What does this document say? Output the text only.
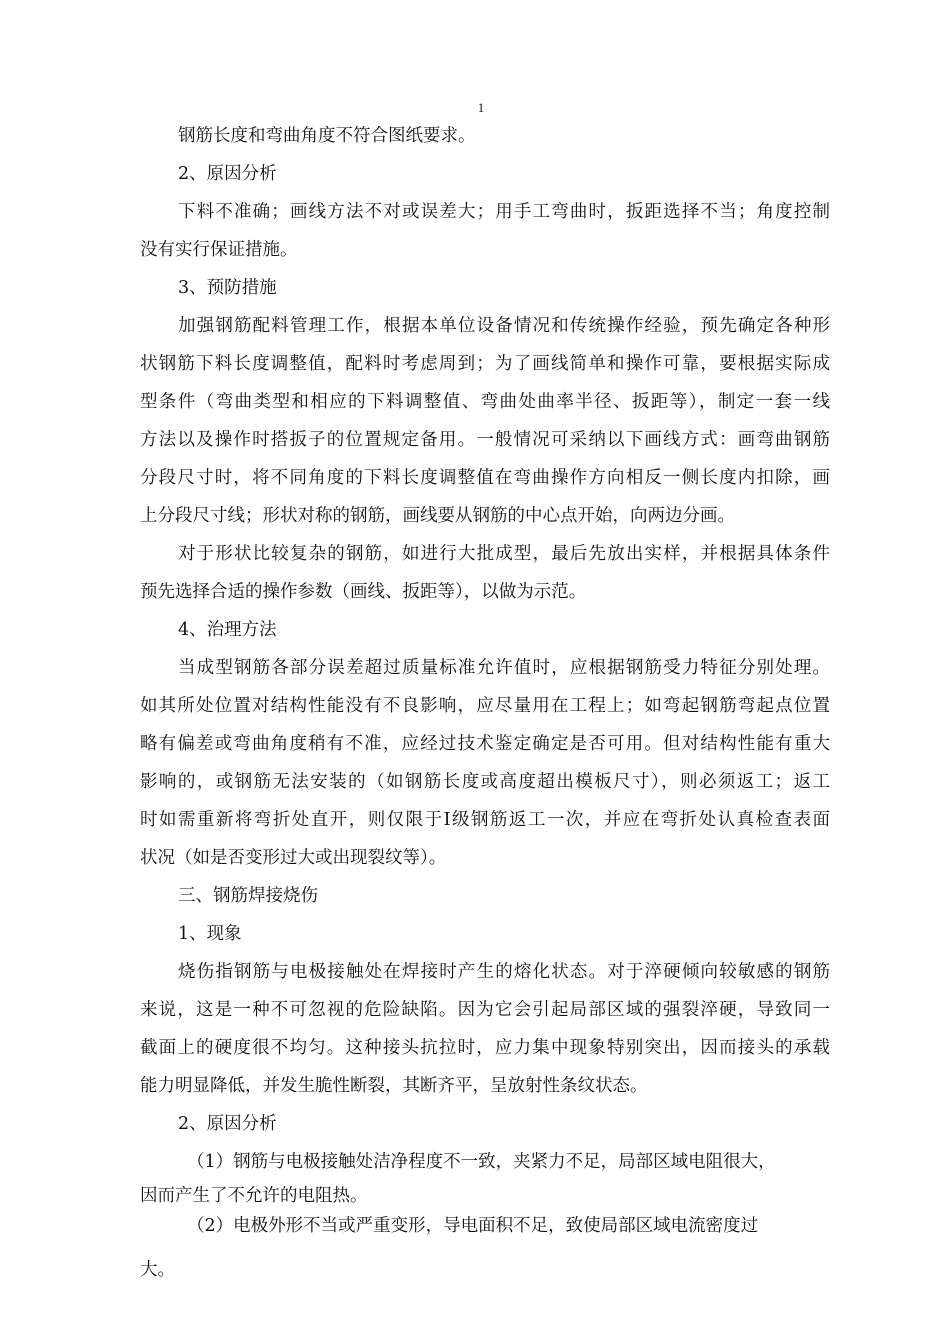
1
钢筋长度和弯曲角度不符合图纸要求。
2、原因分析
下料不准确；画线方法不对或误差大；用手工弯曲时，扳距选择不当；角度控制
没有实行保证措施。
3、预防措施
加强钢筋配料管理工作，根据本单位设备情况和传统操作经验，预先确定各种形
状钢筋下料长度调整值，配料时考虑周到；为了画线简单和操作可靠，要根据实际成
型条件（弯曲类型和相应的下料调整值、弯曲处曲率半径、扳距等），制定一套一线
方法以及操作时搭扳子的位置规定备用。一般情况可采纳以下画线方式：画弯曲钢筋
分段尺寸时，将不同角度的下料长度调整值在弯曲操作方向相反一侧长度内扣除，画
上分段尺寸线；形状对称的钢筋，画线要从钢筋的中心点开始，向两边分画。
对于形状比较复杂的钢筋，如进行大批成型，最后先放出实样，并根据具体条件
预先选择合适的操作参数（画线、扳距等），以做为示范。
4、治理方法
当成型钢筋各部分误差超过质量标准允许值时，应根据钢筋受力特征分别处理。
如其所处位置对结构性能没有不良影响，应尽量用在工程上；如弯起钢筋弯起点位置
略有偏差或弯曲角度稍有不准，应经过技术鉴定确定是否可用。但对结构性能有重大
影响的，或钢筋无法安装的（如钢筋长度或高度超出模板尺寸），则必须返工；返工
时如需重新将弯折处直开，则仅限于Ⅰ级钢筋返工一次，并应在弯折处认真检查表面
状况（如是否变形过大或出现裂纹等）。
三、钢筋焊接烧伤
1、现象
烧伤指钢筋与电极接触处在焊接时产生的熔化状态。对于淬硬倾向较敏感的钢筋
来说，这是一种不可忽视的危险缺陷。因为它会引起局部区域的强裂淬硬，导致同一
截面上的硬度很不均匀。这种接头抗拉时，应力集中现象特别突出，因而接头的承载
能力明显降低，并发生脆性断裂，其断齐平，呈放射性条纹状态。
2、原因分析
（1）钢筋与电极接触处洁净程度不一致，夹紧力不足，局部区域电阻很大，
因而产生了不允许的电阻热。
（2）电极外形不当或严重变形，导电面积不足，致使局部区域电流密度过
大。
